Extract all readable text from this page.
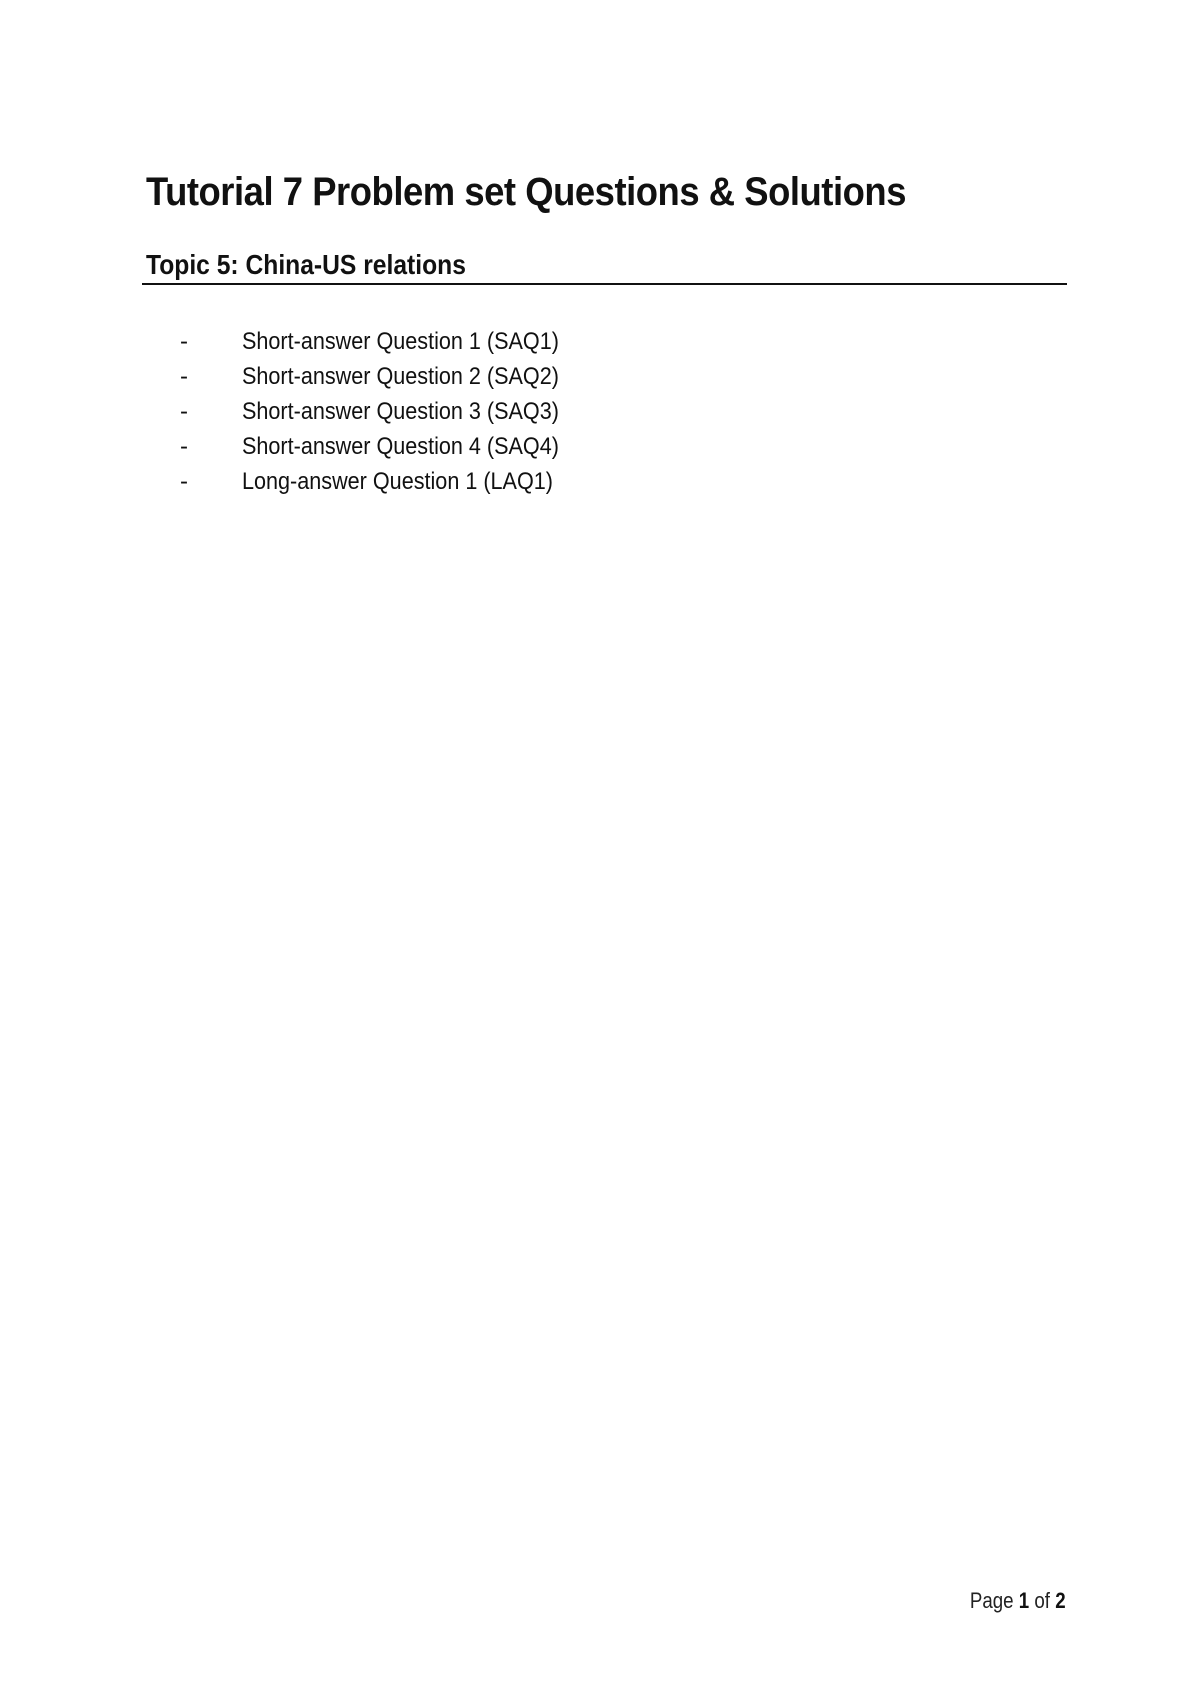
Tutorial 7 Problem set Questions & Solutions
Topic 5: China-US relations
- Short-answer Question 1 (SAQ1)
- Short-answer Question 2 (SAQ2)
- Short-answer Question 3 (SAQ3)
- Short-answer Question 4 (SAQ4)
- Long-answer Question 1 (LAQ1)
Page 1 of 2
